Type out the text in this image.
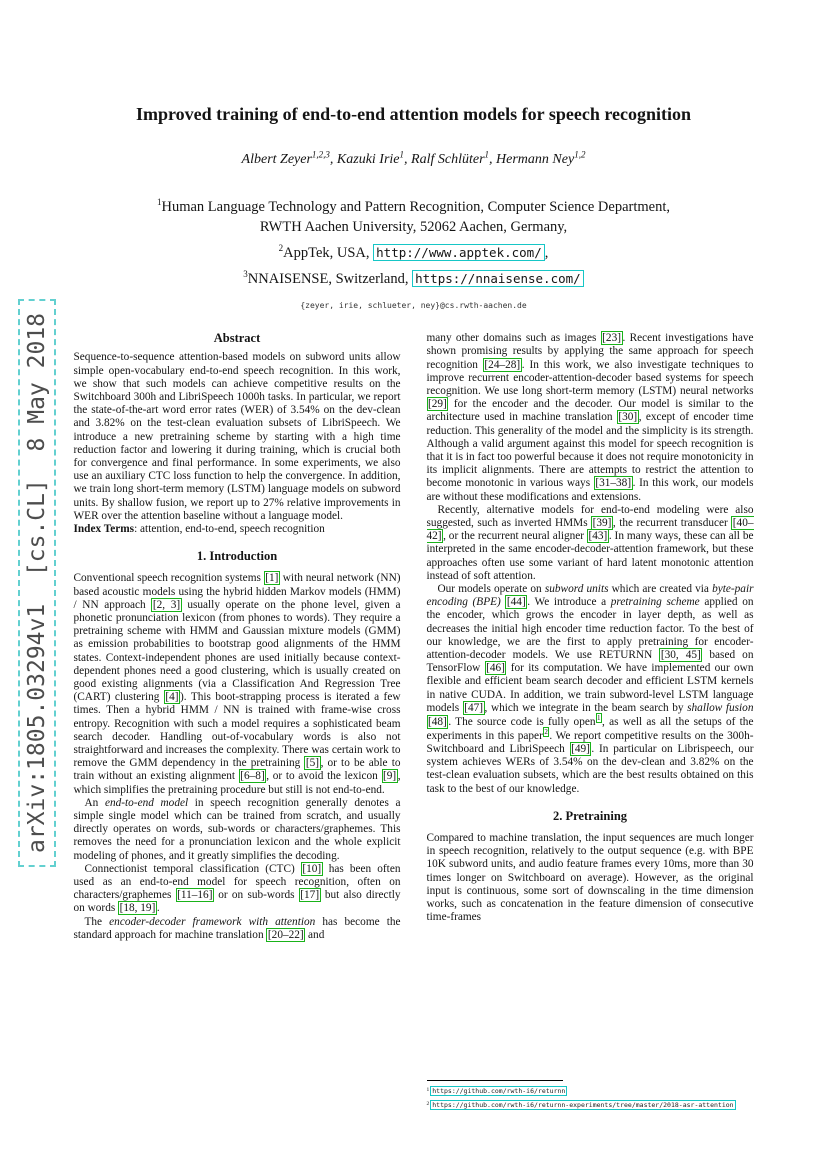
arXiv:1805.03294v1  [cs.CL]  8 May 2018
Improved training of end-to-end attention models for speech recognition
Albert Zeyer$^{1,2,3}$, Kazuki Irie$^1$, Ralf Schlüter$^1$, Hermann Ney$^{1,2}$
$^1$Human Language Technology and Pattern Recognition, Computer Science Department,
RWTH Aachen University, 52062 Aachen, Germany,
$^2$AppTek, USA, http://www.apptek.com/ ,
$^3$NNAISENSE, Switzerland, https://nnaisense.com/
{zeyer, irie, schlueter, ney}@cs.rwth-aachen.de
Abstract

Sequence-to-sequence attention-based models on subword units allow simple open-vocabulary end-to-end speech recognition. In this work, we show that such models can achieve competitive results on the Switchboard 300h and LibriSpeech 1000h tasks. In particular, we report the state-of-the-art word error rates (WER) of 3.54% on the dev-clean and 3.82% on the test-clean evaluation subsets of LibriSpeech. We introduce a new pretraining scheme by starting with a high time reduction factor and lowering it during training, which is crucial both for convergence and final performance. In some experiments, we also use an auxiliary CTC loss function to help the convergence. In addition, we train long short-term memory (LSTM) language models on subword units. By shallow fusion, we report up to 27% relative improvements in WER over the attention baseline without a language model.

Index Terms: attention, end-to-end, speech recognition

1. Introduction

Conventional speech recognition systems [1] with neural network (NN) based acoustic models using the hybrid hidden Markov models (HMM) / NN approach [2, 3] usually operate on the phone level, given a phonetic pronunciation lexicon (from phones to words). They require a pretraining scheme with HMM and Gaussian mixture models (GMM) as emission probabilities to bootstrap good alignments of the HMM states. Context-independent phones are used initially because context-dependent phones need a good clustering, which is usually created on good existing alignments (via a Classification And Regression Tree (CART) clustering [4] ). This boot-strapping process is iterated a few times. Then a hybrid HMM / NN is trained with frame-wise cross entropy. Recognition with such a model requires a sophisticated beam search decoder. Handling out-of-vocabulary words is also not straightforward and increases the complexity. There was certain work to remove the GMM dependency in the pretraining [5] , or to be able to train without an existing alignment [6–8] , or to avoid the lexicon [9] , which simplifies the pretraining procedure but still is not end-to-end.

An end-to-end model in speech recognition generally denotes a simple single model which can be trained from scratch, and usually directly operates on words, sub-words or characters/graphemes. This removes the need for a pronunciation lexicon and the whole explicit modeling of phones, and it greatly simplifies the decoding.

Connectionist temporal classification (CTC) [10] has been often used as an end-to-end model for speech recognition, often on characters/graphemes [11–16] or on sub-words [17] but also directly on words [18, 19] .

The encoder-decoder framework with attention has become the standard approach for machine translation [20–22] and

many other domains such as images [23] . Recent investigations have shown promising results by applying the same approach for speech recognition [24–28] . In this work, we also investigate techniques to improve recurrent encoder-attention-decoder based systems for speech recognition. We use long short-term memory (LSTM) neural networks [29] for the encoder and the decoder. Our model is similar to the architecture used in machine translation [30] , except of encoder time reduction. This generality of the model and the simplicity is its strength. Although a valid argument against this model for speech recognition is that it is in fact too powerful because it does not require monotonicity in its implicit alignments. There are attempts to restrict the attention to become monotonic in various ways [31–38] . In this work, our models are without these modifications and extensions.

Recently, alternative models for end-to-end modeling were also suggested, such as inverted HMMs [39] , the recurrent transducer [40–42] , or the recurrent neural aligner [43] . In many ways, these can all be interpreted in the same encoder-decoder-attention framework, but these approaches often use some variant of hard latent monotonic attention instead of soft attention.

Our models operate on subword units which are created via byte-pair encoding (BPE) [44] . We introduce a pretraining scheme applied on the encoder, which grows the encoder in layer depth, as well as decreases the initial high encoder time reduction factor. To the best of our knowledge, we are the first to apply pretraining for encoder-attention-decoder models. We use RETURNN [30, 45] based on TensorFlow [46] for its computation. We have implemented our own flexible and efficient beam search decoder and efficient LSTM kernels in native CUDA. In addition, we train subword-level LSTM language models [47] , which we integrate in the beam search by shallow fusion [48] . The source code is fully open $^1$ , as well as all the setups of the experiments in this paper $^2$ . We report competitive results on the 300h-Switchboard and LibriSpeech [49] . In particular on Librispeech, our system achieves WERs of 3.54% on the dev-clean and 3.82% on the test-clean evaluation subsets, which are the best results obtained on this task to the best of our knowledge.

2. Pretraining

Compared to machine translation, the input sequences are much longer in speech recognition, relatively to the output sequence (e.g. with BPE 10K subword units, and audio feature frames every 10ms, more than 30 times longer on Switchboard on average). However, as the original input is continuous, some sort of downscaling in the time dimension works, such as concatenation in the feature dimension of consecutive time-frames

$^1$ https://github.com/rwth-i6/returnn
$^2$ https://github.com/rwth-i6/returnn-experiments/tree/master/2018-asr-attention
